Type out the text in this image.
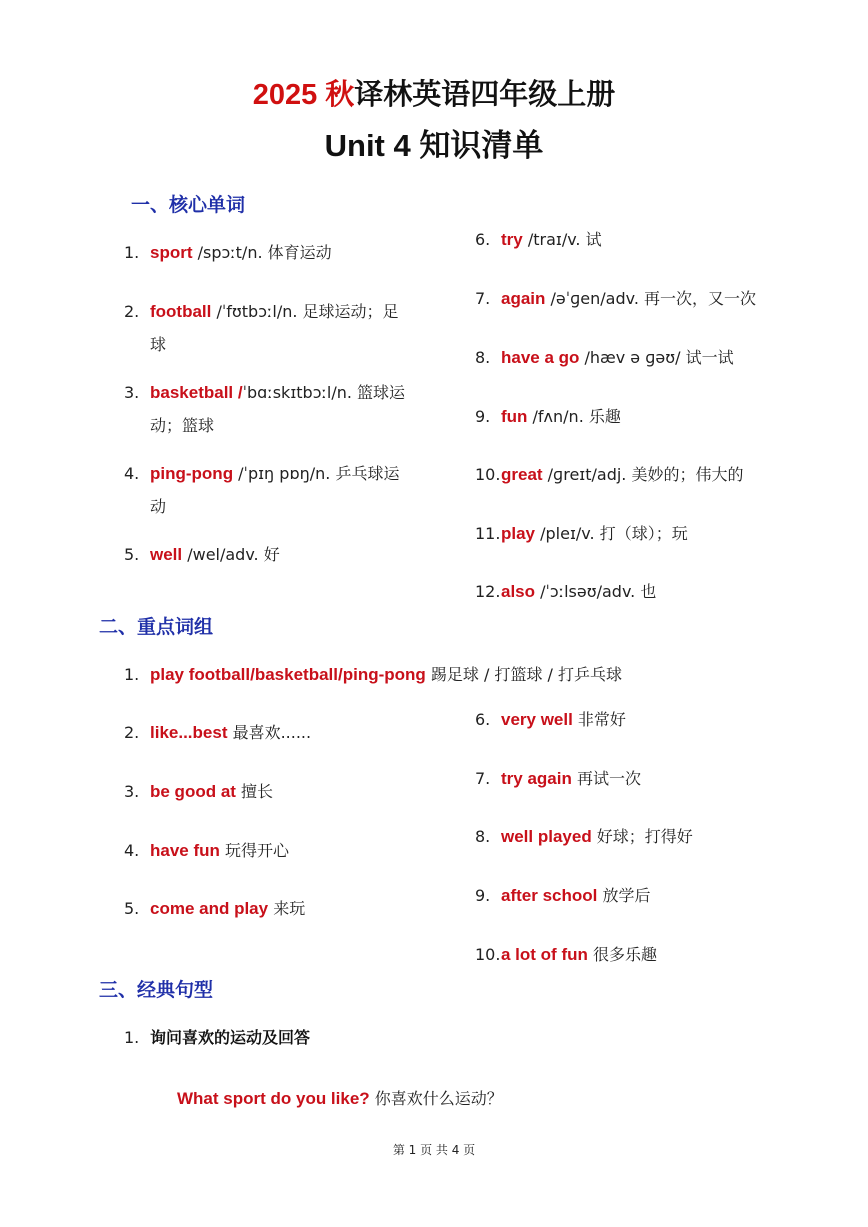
2025 秋译林英语四年级上册
Unit 4 知识清单
一、核心单词
1. sport /spɔːt/n. 体育运动
2. football /ˈfʊtbɔːl/n. 足球运动；足
球
3. basketball /ˈbɑːskɪtbɔːl/n. 篮球运
动；篮球
4. ping-pong /ˈpɪŋ pɒŋ/n. 乒乓球运
动
5. well /wel/adv. 好
6. try /traɪ/v. 试
7. again /əˈɡen/adv. 再一次，又一次
8. have a go /hæv ə ɡəʊ/ 试一试
9. fun /fʌn/n. 乐趣
10. great /ɡreɪt/adj. 美妙的；伟大的
11. play /pleɪ/v. 打（球）；玩
12. also /ˈɔːlsəʊ/adv. 也
二、重点词组
1. play football/basketball/ping-pong 踢足球 / 打篮球 / 打乒乓球
2. like...best 最喜欢......
3. be good at 擅长
4. have fun 玩得开心
5. come and play 来玩
6. very well 非常好
7. try again 再试一次
8. well played 好球；打得好
9. after school 放学后
10. a lot of fun 很多乐趣
三、经典句型
1. 询问喜欢的运动及回答
What sport do you like? 你喜欢什么运动？
第 1 页 共 4 页
